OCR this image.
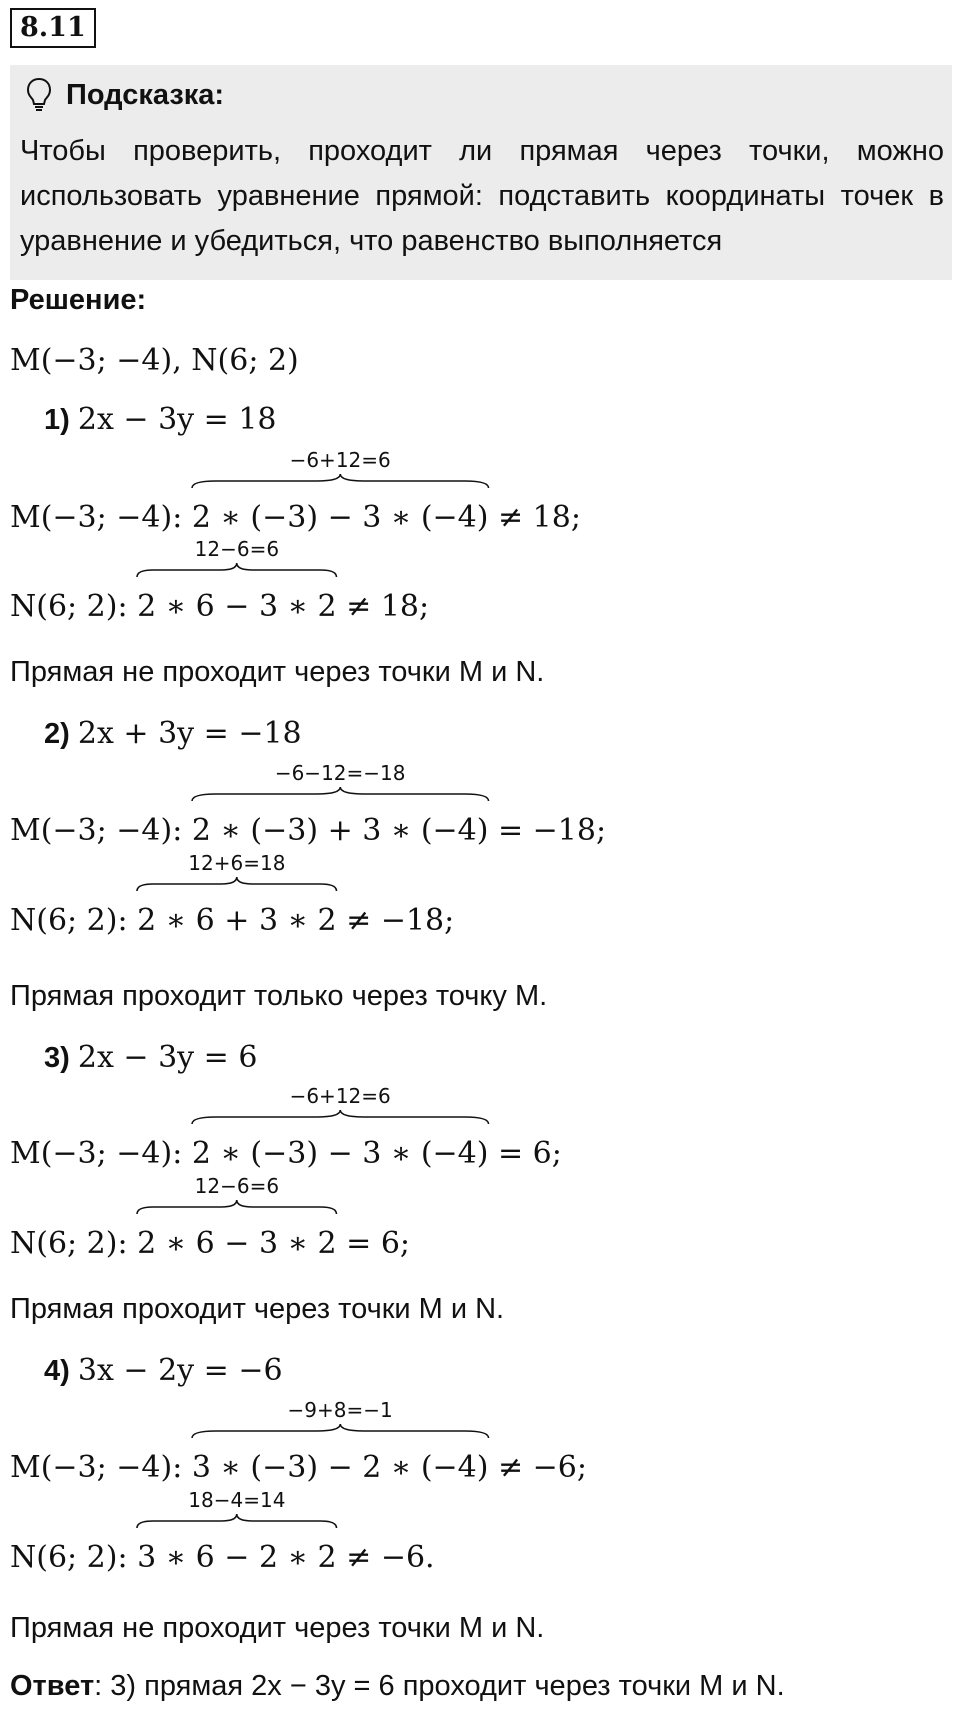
8.11
Подсказка:
Чтобы проверить, проходит ли прямая через точки, можно использовать уравнение прямой: подставить координаты точек в уравнение и убедиться, что равенство выполняется
Решение:
M(−3; −4), N(6; 2)
1) 2x − 3y = 18
M(−3; −4):
−6+12=6
2 ∗ (−3) − 3 ∗ (−4) ≠ 18;
N(6; 2):
12−6=6
2 ∗ 6 − 3 ∗ 2 ≠ 18;
Прямая не проходит через точки M и N.
2) 2x + 3y = −18
M(−3; −4):
−6−12=−18
2 ∗ (−3) + 3 ∗ (−4) = −18;
N(6; 2):
12+6=18
2 ∗ 6 + 3 ∗ 2 ≠ −18;
Прямая проходит только через точку M.
3) 2x − 3y = 6
M(−3; −4):
−6+12=6
2 ∗ (−3) − 3 ∗ (−4) = 6;
N(6; 2):
12−6=6
2 ∗ 6 − 3 ∗ 2 = 6;
Прямая проходит через точки M и N.
4) 3x − 2y = −6
M(−3; −4):
−9+8=−1
3 ∗ (−3) − 2 ∗ (−4) ≠ −6;
N(6; 2):
18−4=14
3 ∗ 6 − 2 ∗ 2 ≠ −6.
Прямая не проходит через точки M и N.
Ответ: 3) прямая 2x − 3y = 6 проходит через точки M и N.
